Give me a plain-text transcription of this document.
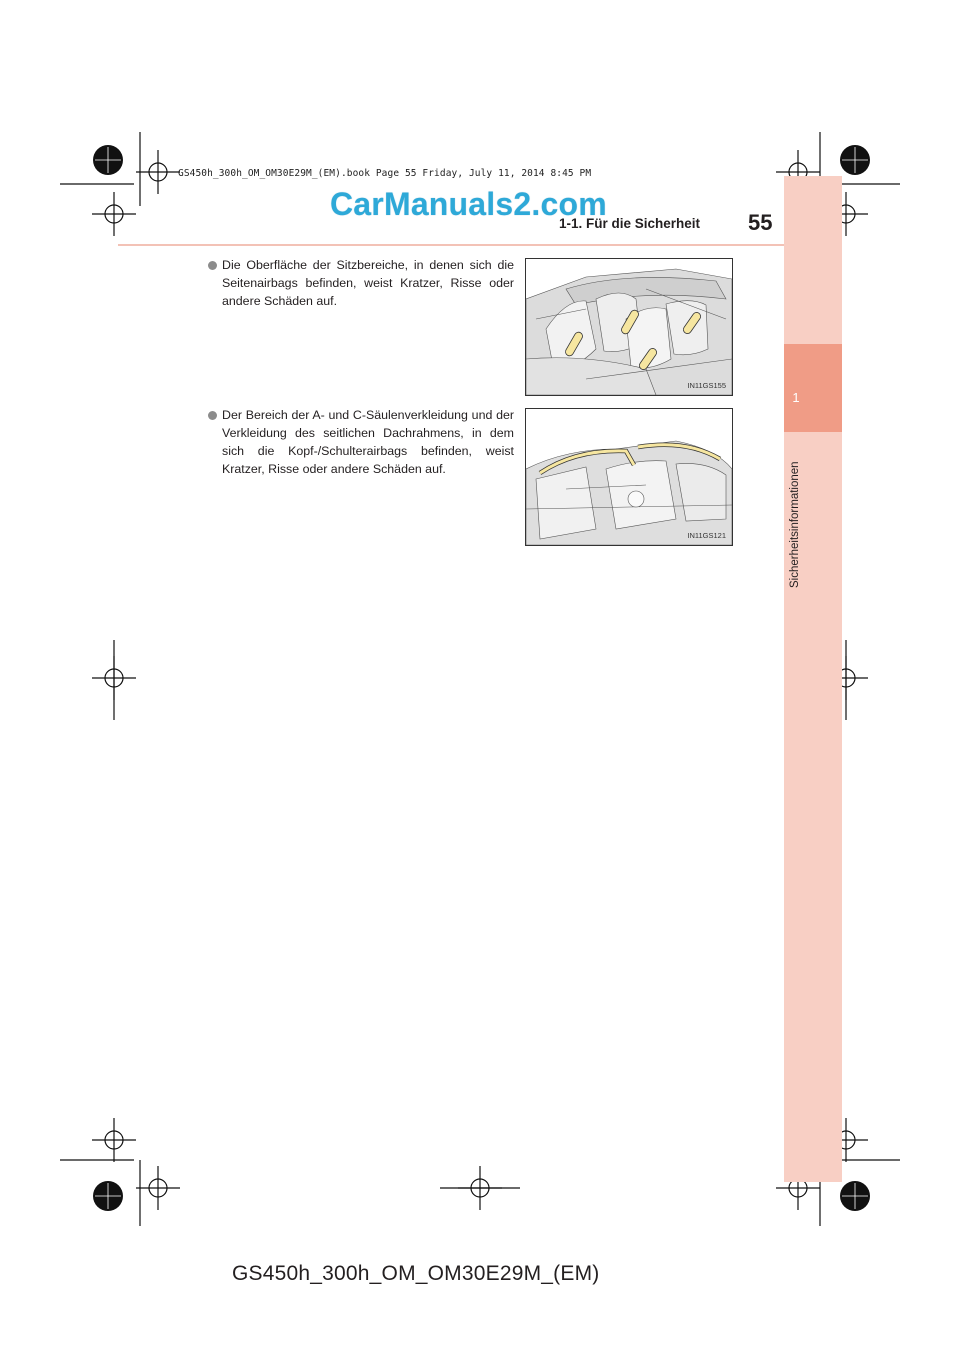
1
Sicherheitsinformationen
GS450h_300h_OM_OM30E29M_(EM).book Page 55 Friday, July 11, 2014 8:45 PM
CarManuals2.com
1-1. Für die Sicherheit 55
Die Oberfläche der Sitzbereiche, in denen sich die Seitenairbags befinden, weist Kratzer, Risse oder andere Schäden auf.
IN11GS155
Der Bereich der A- und C-Säulenverkleidung und der Verkleidung des seitlichen Dachrahmens, in dem sich die Kopf-/Schulterairbags befinden, weist Kratzer, Risse oder andere Schäden auf.
IN11GS121
GS450h_300h_OM_OM30E29M_(EM)
